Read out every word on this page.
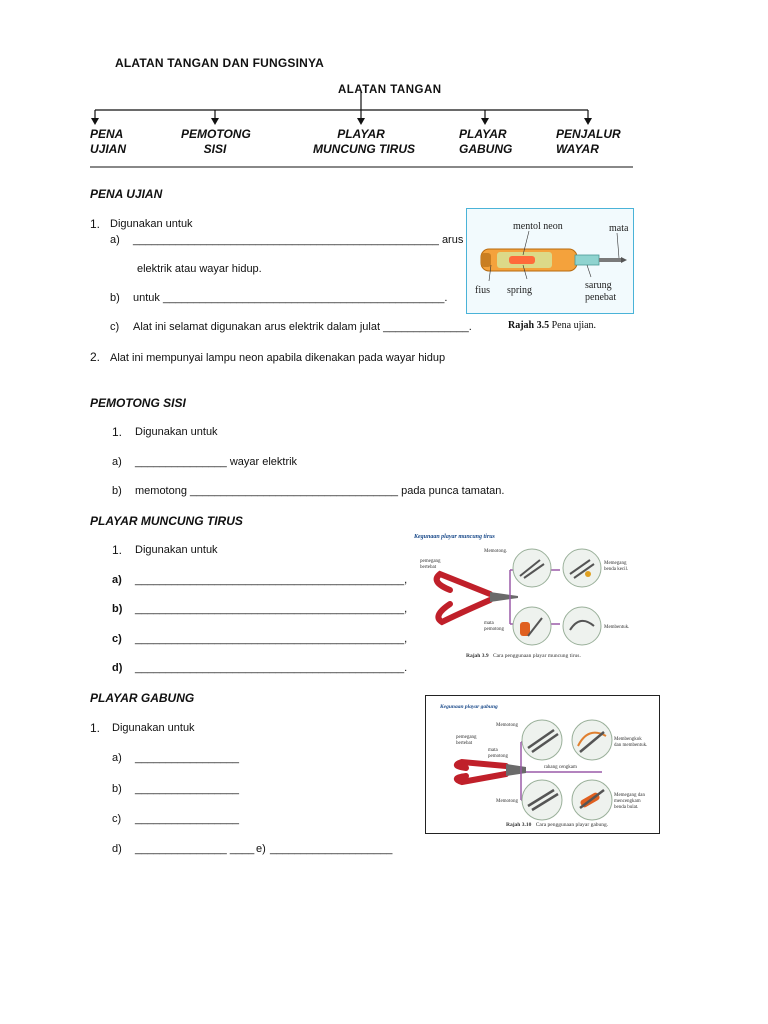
ALATAN TANGAN DAN FUNGSINYA
ALATAN TANGAN
PENA
UJIAN
PEMOTONG
SISI
PLAYAR
MUNCUNG TIRUS
PLAYAR
GABUNG
PENJALUR
WAYAR
PENA UJIAN
1. Digunakan untuk
a) __________________________________________________ arus
elektrik atau wayar hidup.
b) untuk ______________________________________________.
c) Alat ini selamat digunakan arus elektrik dalam julat ______________.
2. Alat ini mempunyai lampu neon apabila dikenakan pada wayar hidup
mentol neon	mata
fius spring	sarung
penebat
Rajah 3.5 Pena ujian.
PEMOTONG SISI
1. Digunakan untuk
a) _______________ wayar elektrik
b) memotong __________________________________ pada punca tamatan.
PLAYAR MUNCUNG TIRUS
1. Digunakan untuk
a) ____________________________________________,
b) ____________________________________________,
c) ____________________________________________,
d) ____________________________________________.
Kegunaan playar muncung tirus
Memotong.
pemegang
bertebat
Memegang
benda kecil.
mata
pemotong	Membentuk.
Rajah 3.9 Cara penggunaan playar muncung tirus.
PLAYAR GABUNG
1. Digunakan untuk
a) _________________
b) _________________
c) _________________
d) _______________ ____ e) ____________________
Kegunaan playar gabung
Memotong
pemegang
bertebat
mata
pemotong
Membengkok
dan membentuk.
rahang cengkam
Memotong
Memegang dan
mencengkam
benda bulat.
Rajah 3.10 Cara penggunaan playar gabung.
